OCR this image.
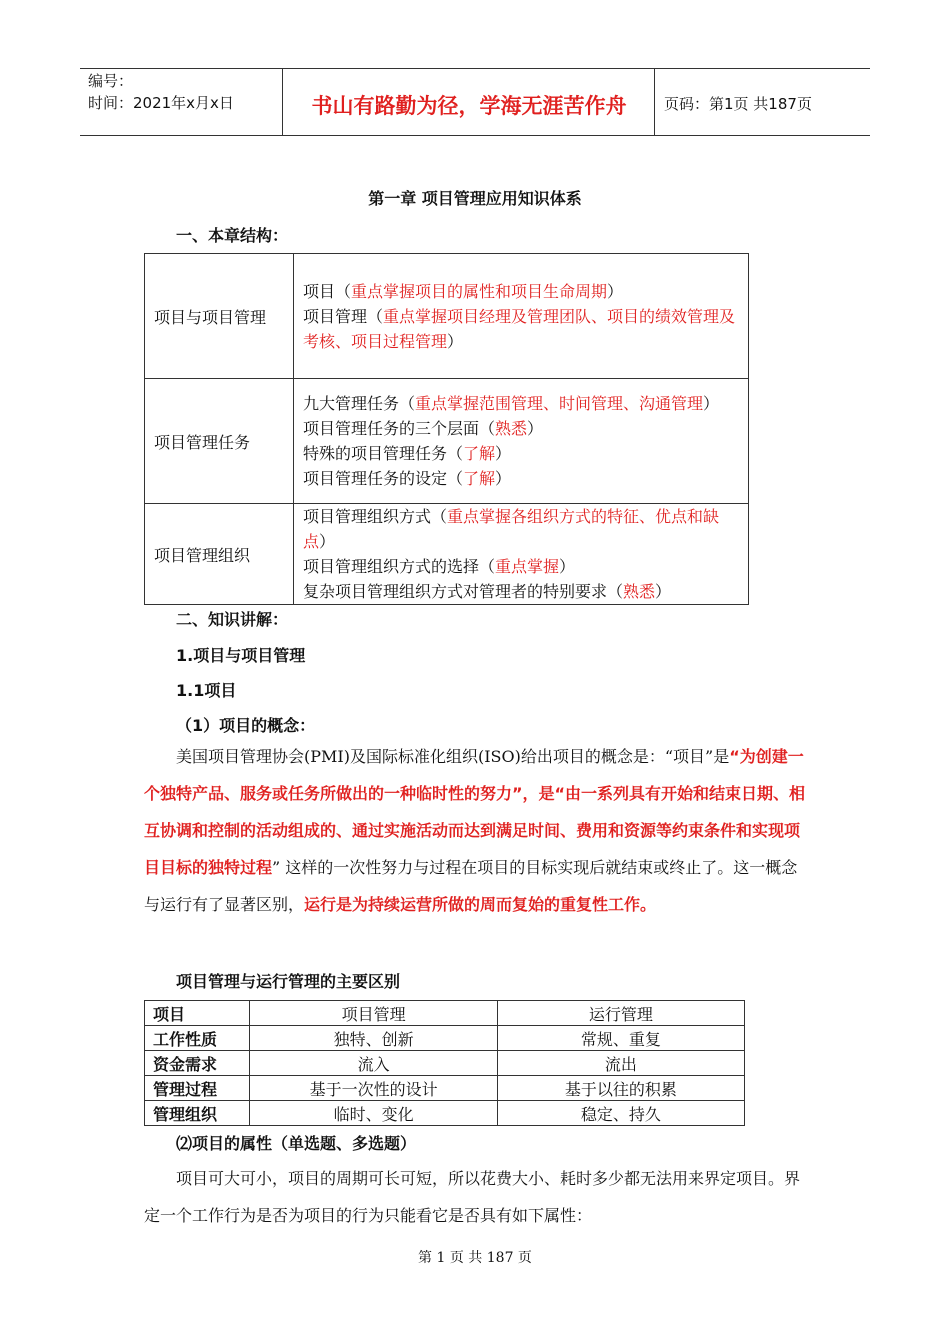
编号：
时间：2021年x月x日	书山有路勤为径，学海无涯苦作舟	页码：第1页 共187页
第一章 项目管理应用知识体系
一、本章结构：
项目与项目管理	项目（重点掌握项目的属性和项目生命周期）
项目管理（重点掌握项目经理及管理团队、项目的绩效管理及考核、项目过程管理）

项目管理任务	九大管理任务（重点掌握范围管理、时间管理、沟通管理）
项目管理任务的三个层面（熟悉）
特殊的项目管理任务（了解）
项目管理任务的设定（了解）

项目管理组织	项目管理组织方式（重点掌握各组织方式的特征、优点和缺点）
项目管理组织方式的选择（重点掌握）
复杂项目管理组织方式对管理者的特别要求（熟悉）
二、知识讲解：
1.项目与项目管理
1.1项目
（1）项目的概念：
美国项目管理协会(PMI)及国际标准化组织(ISO)给出项目的概念是：“项目”是“为创建一个独特产品、服务或任务所做出的一种临时性的努力”，是“由一系列具有开始和结束日期、相互协调和控制的活动组成的、通过实施活动而达到满足时间、费用和资源等约束条件和实现项目目标的独特过程” 这样的一次性努力与过程在项目的目标实现后就结束或终止了。这一概念与运行有了显著区别，运行是为持续运营所做的周而复始的重复性工作。
项目管理与运行管理的主要区别
项目	项目管理	运行管理
工作性质	独特、创新	常规、重复
资金需求	流入	流出
管理过程	基于一次性的设计	基于以往的积累
管理组织	临时、变化	稳定、持久
⑵项目的属性（单选题、多选题）
项目可大可小，项目的周期可长可短，所以花费大小、耗时多少都无法用来界定项目。界定一个工作行为是否为项目的行为只能看它是否具有如下属性：
第 1 页 共 187 页
